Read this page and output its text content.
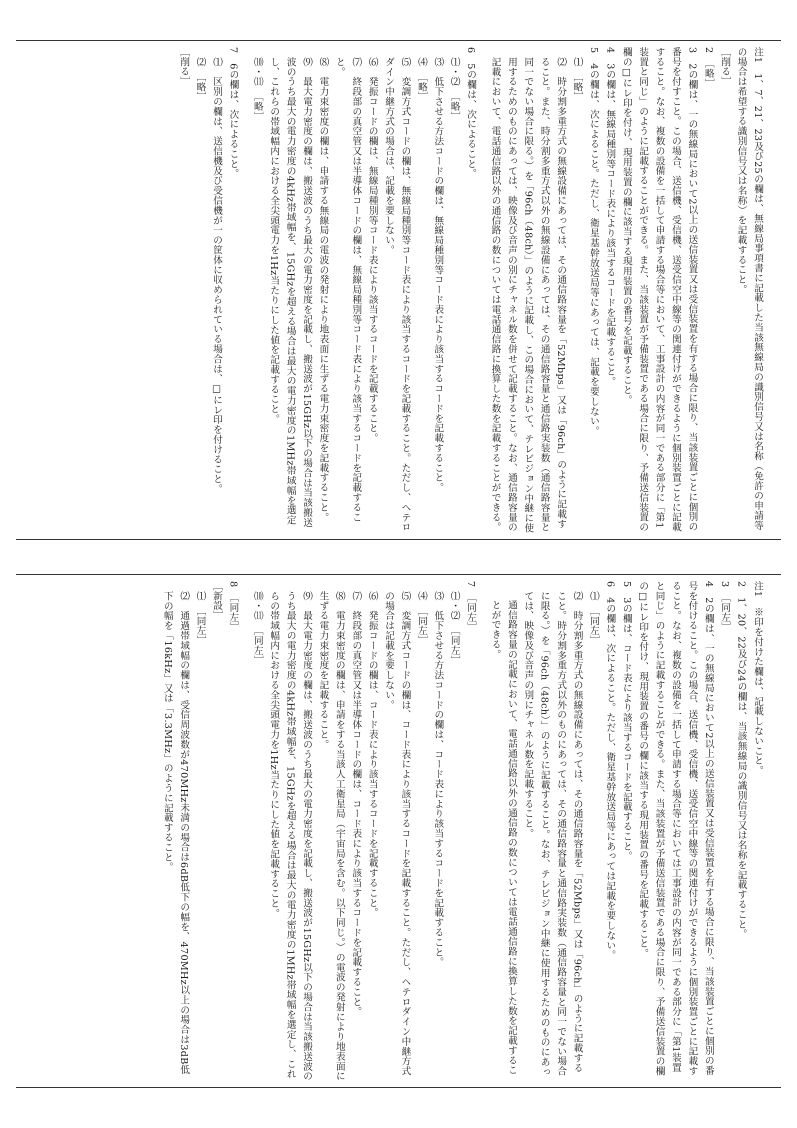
注1　1、7、21、23及び25の欄は、無線局事項書に記載した当該無線局の識別信号又は名称（免許の申請等の場合は希望する識別信号又は名称）を記載すること。
［削る］
2　［略］
3　2の欄は、一の無線局において2以上の送信装置又は受信装置を有する場合に限り、当該装置ごとに個別の番号を付すこと。この場合、送信機、受信機、送受信空中線等の関連付けができるように個別装置ごとに記載すること。なお、複数の設備を一括して申請する場合等において、工事設計の内容が同一である部分に「第1装置と同じ」のように記載することができる。また、当該装置が予備装置である場合に限り、予備送信装置の欄の□にレ印を付け、現用装置の欄に該当する現用装置の番号を記載すること。
4　3の欄は、無線局種別等コード表により該当するコードを記載すること。
5　4の欄は、次によること。ただし、衛星基幹放送局等にあっては、記載を要しない。
⑴　［略］
⑵　時分割多重方式の無線設備にあっては、その通信路容量を「52Mbps」又は「96ch」のように記載すること。また、時分割多重方式以外の無線設備にあっては、その通信路容量と通信路実装数（通信路容量と同一でない場合に限る。）を「96ch（48ch）」のように記載し、この場合において、テレビジョン中継に使用するためのものにあっては、映像及び音声の別にチャネル数を併せて記載すること。なお、通信路容量の記載において、電話通信路以外の通信路の数については電話通信路に換算した数を記載することができる。
6　5の欄は、次によること。
⑴・⑵　［略］
⑶　低下させる方法コードの欄は、無線局種別等コード表により該当するコードを記載すること。
⑷　［略］
⑸　変調方式コードの欄は、無線局種別等コード表により該当するコードを記載すること。ただし、ヘテロダイン中継方式の場合は、記載を要しない。
⑹　発振コードの欄は、無線局種別等コード表により該当するコードを記載すること。
⑺　終段部の真空管又は半導体コードの欄は、無線局種別等コード表により該当するコードを記載すること。
⑻　電力束密度の欄は、申請する無線局の電波の発射により地表面に生ずる電力束密度を記載すること。
⑼　最大電力密度の欄は、搬送波のうち最大の電力密度を記載し、搬送波が15GHz以下の場合は当該搬送波のうち最大の電力密度の4kHz帯域幅を、15GHzを超える場合は最大の電力密度の1MHz帯域幅を選定し、これらの帯域幅内における全尖頭電力を1Hz当たりにした値を記載すること。
⑽・⑾　［略］
7　6の欄は、次によること。
⑴　区別の欄は、送信機及び受信機が一の筐体に収められている場合は、□にレ印を付けること。
⑵　［略］
［削る］
注1　※印を付けた欄は、記載しないこと。
2　1、20、22及び24の欄は、当該無線局の識別信号又は名称を記載すること。
3　［同左］
4　2の欄は、一の無線局において2以上の送信装置又は受信装置を有する場合に限り、当該装置ごとに個別の番号を付けること。この場合、送信機、受信機、送受信空中線等の関連付けができるように個別装置ごとに記載すること。なお、複数の設備を一括して申請する場合等においては工事設計の内容が同一である部分に「第1装置と同じ」のように記載することができる。また、当該装置が予備送信装置である場合に限り、予備送信装置の欄の□にレ印を付け、現用装置の番号の欄に該当する現用装置の番号を記載すること。
5　3の欄は、コード表により該当するコードを記載すること。
6　4の欄は、次によること。ただし、衛星基幹放送局等にあっては記載を要しない。
⑴　［同左］
⑵　時分割多重方式の無線設備にあっては、その通信路容量を「52Mbps」又は「96ch」のように記載すること。時分割多重方式以外のものにあっては、その通信路容量と通信路実装数（通信路容量と同一でない場合に限る。）を「96ch（48ch）」のように記載すること。なお、テレビジョン中継に使用するためのものにあっては、映像及び音声の別にチャネル数を記載すること。
通信路容量の記載において、電話通信路以外の通信路の数については電話通信路に換算した数を記載することができる。
7　［同左］
⑴・⑵　［同左］
⑶　低下させる方法コードの欄は、コード表により該当するコードを記載すること。
⑷　［同左］
⑸　変調方式コードの欄は、コード表により該当するコードを記載すること。ただし、ヘテロダイン中継方式の場合は記載を要しない。
⑹　発振コードの欄は、コード表により該当するコードを記載すること。
⑺　終段部の真空管又は半導体コードの欄は、コード表により該当するコードを記載すること。
⑻　電力束密度の欄は、申請をする当該人工衛星局（宇宙局を含む。以下同じ。）の電波の発射により地表面に生ずる電力束密度を記載すること。
⑼　最大電力密度の欄は、搬送波のうち最大の電力密度を記載し、搬送波が15GHz以下の場合は当該搬送波のうち最大の電力密度の4kHz帯域幅を、15GHzを超える場合は最大の電力密度の1MHz帯域幅を選定し、これらの帯域幅内における全尖頭電力を1Hz当たりにした値を記載すること。
⑽・⑾　［同左］
8　［同左］
［新設］
⑴　［同左］
⑵　通過帯域幅の欄は、受信周波数が470MHz未満の場合は6dB低下の幅を、470MHz以上の場合は3dB低下の幅を「16kHz」又は「3.3MHz」のように記載すること。
